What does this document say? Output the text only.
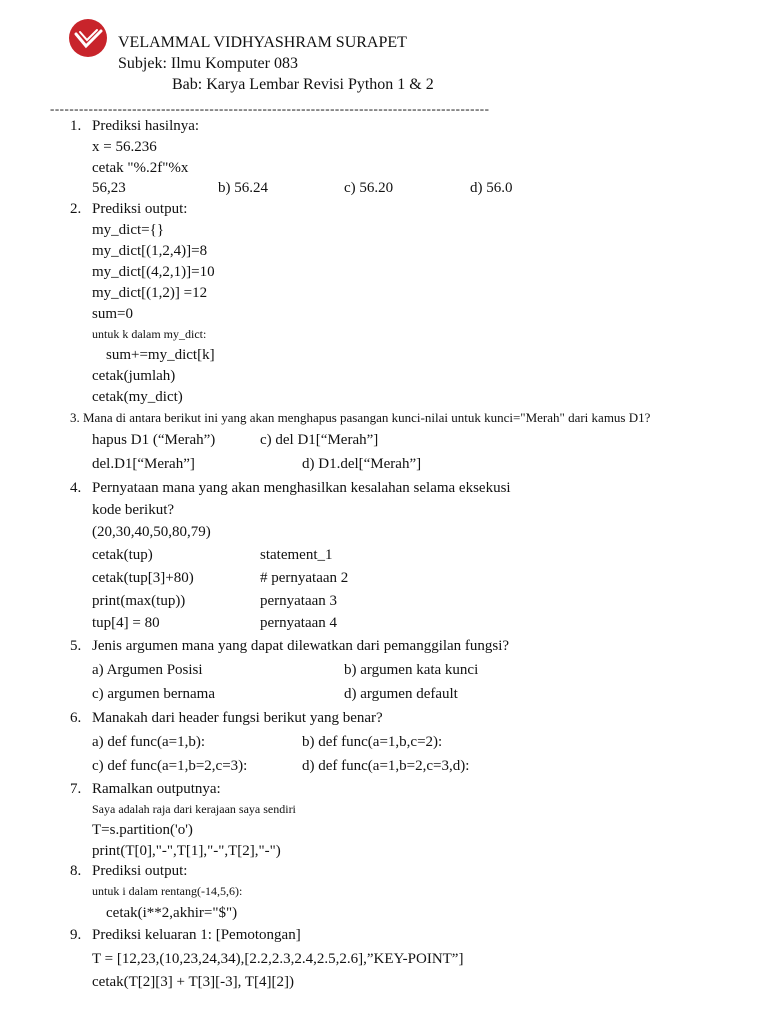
VELAMMAL VIDHYASHRAM SURAPET
Subjek: Ilmu Komputer 083
Bab: Karya Lembar Revisi Python 1 & 2
-------------------------------------------------------------------------------------------
1. Prediksi hasilnya:
x = 56.236
cetak "%.2f"%x
56,23	b) 56.24	c) 56.20	d) 56.0
2. Prediksi output:
my_dict={}
my_dict[(1,2,4)]=8
my_dict[(4,2,1)]=10
my_dict[(1,2)] =12
sum=0
untuk k dalam my_dict:
sum+=my_dict[k]
cetak(jumlah)
cetak(my_dict)
3. Mana di antara berikut ini yang akan menghapus pasangan kunci-nilai untuk kunci="Merah" dari kamus D1?
hapus D1 (“Merah”)	c) del D1[“Merah”]
del.D1[“Merah”]	d) D1.del[“Merah”]
4. Pernyataan mana yang akan menghasilkan kesalahan selama eksekusi
kode berikut?
(20,30,40,50,80,79)
cetak(tup)	statement_1
cetak(tup[3]+80)	# pernyataan 2
print(max(tup))	pernyataan 3
tup[4] = 80	pernyataan 4
5. Jenis argumen mana yang dapat dilewatkan dari pemanggilan fungsi?
a) Argumen Posisi	b) argumen kata kunci
c) argumen bernama	d) argumen default
6. Manakah dari header fungsi berikut yang benar?
a) def func(a=1,b):	b) def func(a=1,b,c=2):
c) def func(a=1,b=2,c=3):	d) def func(a=1,b=2,c=3,d):
7. Ramalkan outputnya:
Saya adalah raja dari kerajaan saya sendiri
T=s.partition('o')
print(T[0],"-",T[1],"-",T[2],"-")
8. Prediksi output:
untuk i dalam rentang(-14,5,6):
cetak(i**2,akhir="$")
9. Prediksi keluaran 1: [Pemotongan]
T = [12,23,(10,23,24,34),[2.2,2.3,2.4,2.5,2.6],”KEY-POINT”]
cetak(T[2][3] + T[3][-3], T[4][2])
